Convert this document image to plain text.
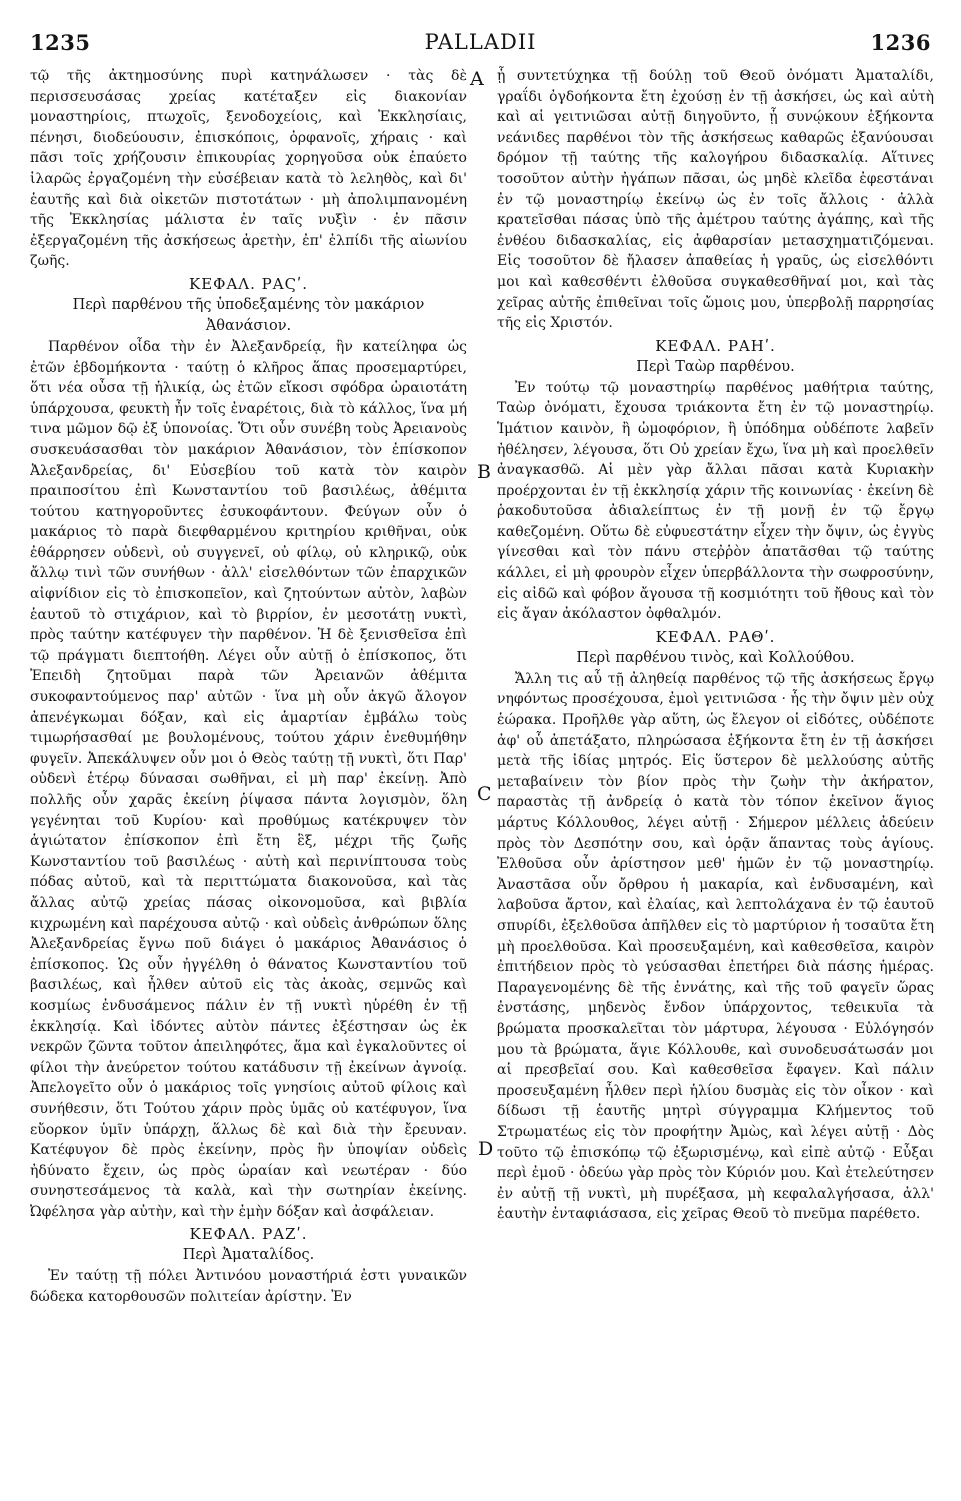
1235	PALLADII	1236
A
B
C
D

τῷ τῆς ἀκτημοσύνης πυρὶ κατηνάλωσεν · τὰς δὲ περισσευσάσας χρείας κατέταξεν εἰς διακονίαν μοναστηρίοις, πτωχοῖς, ξενοδοχείοις, καὶ Ἐκκλησίαις, πένησι, διοδεύουσιν, ἐπισκόποις, ὀρφανοῖς, χήραις · καὶ πᾶσι τοῖς χρήζουσιν ἐπικουρίας χορηγοῦσα οὐκ ἐπαύετο ἱλαρῶς ἐργαζομένη τὴν εὐσέβειαν κατὰ τὸ λεληθὸς, καὶ δι' ἑαυτῆς καὶ διὰ οἰκετῶν πιστοτάτων · μὴ ἀπολιμπανομένη τῆς Ἐκκλησίας μάλιστα ἐν ταῖς νυξὶν · ἐν πᾶσιν ἐξεργαζομένη τῆς ἀσκήσεως ἀρετὴν, ἐπ' ἐλπίδι τῆς αἰωνίου ζωῆς.

ΚΕΦΑΛ. ΡΑϚʹ.
Περὶ παρθένου τῆς ὑποδεξαμένης τὸν μακάριον Ἀθανάσιον.

Παρθένον οἶδα τὴν ἐν Ἀλεξανδρείᾳ, ἣν κατείληφα ὡς ἐτῶν ἑβδομήκοντα · ταύτῃ ὁ κλῆρος ἅπας προσεμαρτύρει, ὅτι νέα οὖσα τῇ ἡλικίᾳ, ὡς ἐτῶν εἴκοσι σφόδρα ὡραιοτάτη ὑπάρχουσα, φευκτὴ ἦν τοῖς ἐναρέτοις, διὰ τὸ κάλλος, ἵνα μή τινα μῶμον δῷ ἐξ ὑπονοίας. Ὅτι οὖν συνέβη τοὺς Ἀρειανοὺς συσκευάσασθαι τὸν μακάριον Ἀθανάσιον, τὸν ἐπίσκοπον Ἀλεξανδρείας, δι' Εὐσεβίου τοῦ κατὰ τὸν καιρὸν πραιποσίτου ἐπὶ Κωνσταντίου τοῦ βασιλέως, ἀθέμιτα τούτου κατηγοροῦντες ἐσυκοφάντουν. Φεύγων οὖν ὁ μακάριος τὸ παρὰ διεφθαρμένου κριτηρίου κριθῆναι, οὐκ ἐθάρρησεν οὐδενὶ, οὐ συγγενεῖ, οὐ φίλῳ, οὐ κληρικῷ, οὐκ ἄλλῳ τινὶ τῶν συνήθων · ἀλλ' εἰσελθόντων τῶν ἐπαρχικῶν αἰφνίδιον εἰς τὸ ἐπισκοπεῖον, καὶ ζητούντων αὐτὸν, λαβὼν ἑαυτοῦ τὸ στιχάριον, καὶ τὸ βιρρίον, ἐν μεσοτάτῃ νυκτὶ, πρὸς ταύτην κατέφυγεν τὴν παρθένον. Ἡ δὲ ξενισθεῖσα ἐπὶ τῷ πράγματι διεπτοήθη. Λέγει οὖν αὐτῇ ὁ ἐπίσκοπος, ὅτι Ἐπειδὴ ζητοῦμαι παρὰ τῶν Ἀρειανῶν ἀθέμιτα συκοφαντούμενος παρ' αὐτῶν · ἵνα μὴ οὖν ἀκγῶ ἄλογον ἀπενέγκωμαι δόξαν, καὶ εἰς ἁμαρτίαν ἐμβάλω τοὺς τιμωρήσασθαί με βουλομένους, τούτου χάριν ἐνεθυμήθην φυγεῖν. Ἀπεκάλυψεν οὖν μοι ὁ Θεὸς ταύτῃ τῇ νυκτὶ, ὅτι Παρ' οὐδενὶ ἑτέρῳ δύνασαι σωθῆναι, εἰ μὴ παρ' ἐκείνῃ. Ἀπὸ πολλῆς οὖν χαρᾶς ἐκείνη ῥίψασα πάντα λογισμὸν, ὅλη γεγένηται τοῦ Κυρίου· καὶ προθύμως κατέκρυψεν τὸν ἁγιώτατον ἐπίσκοπον ἐπὶ ἔτη ἓξ, μέχρι τῆς ζωῆς Κωνσταντίου τοῦ βασιλέως · αὐτὴ καὶ περινίπτουσα τοὺς πόδας αὐτοῦ, καὶ τὰ περιττώματα διακονοῦσα, καὶ τὰς ἄλλας αὐτῷ χρείας πάσας οἰκονομοῦσα, καὶ βιβλία κιχρωμένη καὶ παρέχουσα αὐτῷ · καὶ οὐδεὶς ἀνθρώπων ὅλης Ἀλεξανδρείας ἔγνω ποῦ διάγει ὁ μακάριος Ἀθανάσιος ὁ ἐπίσκοπος. Ὡς οὖν ἠγγέλθη ὁ θάνατος Κωνσταντίου τοῦ βασιλέως, καὶ ἦλθεν αὐτοῦ εἰς τὰς ἀκοὰς, σεμνῶς καὶ κοσμίως ἐνδυσάμενος πάλιν ἐν τῇ νυκτὶ ηὑρέθη ἐν τῇ ἐκκλησίᾳ. Καὶ ἰδόντες αὐτὸν πάντες ἐξέστησαν ὡς ἐκ νεκρῶν ζῶντα τοῦτον ἀπειληφότες, ἅμα καὶ ἐγκαλοῦντες οἱ φίλοι τὴν ἀνεύρετον τούτου κατάδυσιν τῇ ἐκείνων ἀγνοίᾳ. Ἀπελογεῖτο οὖν ὁ μακάριος τοῖς γνησίοις αὐτοῦ φίλοις καὶ συνήθεσιν, ὅτι Τούτου χάριν πρὸς ὑμᾶς οὐ κατέφυγον, ἵνα εὔορκον ὑμῖν ὑπάρχῃ, ἅλλως δὲ καὶ διὰ τὴν ἔρευναν. Κατέφυγον δὲ πρὸς ἐκείνην, πρὸς ἣν ὑποψίαν οὐδεὶς ἠδύνατο ἔχειν, ὡς πρὸς ὡραίαν καὶ νεωτέραν · δύο συνηστεσάμενος τὰ καλὰ, καὶ τὴν σωτηρίαν ἐκείνης. Ὠφέλησα γὰρ αὐτὴν, καὶ τὴν ἐμὴν δόξαν καὶ ἀσφάλειαν.

ΚΕΦΑΛ. ΡΑΖʹ.
Περὶ Ἀματαλίδος.

Ἐν ταύτῃ τῇ πόλει Ἀντινόου μοναστήριά ἐστι γυναικῶν δώδεκα κατορθουσῶν πολιτείαν ἀρίστην. Ἐν

ᾗ συντετύχηκα τῇ δούλῃ τοῦ Θεοῦ ὀνόματι Ἀματαλίδι, γραΐδι ὀγδοήκοντα ἔτη ἐχούσῃ ἐν τῇ ἀσκήσει, ὡς καὶ αὐτὴ καὶ αἱ γειτνιῶσαι αὐτῇ διηγοῦντο, ᾗ συνῴκουν ἑξήκοντα νεάνιδες παρθένοι τὸν τῆς ἀσκήσεως καθαρῶς ἐξανύουσαι δρόμον τῇ ταύτης τῆς καλογήρου διδασκαλίᾳ. Αἵτινες τοσοῦτον αὐτὴν ἠγάπων πᾶσαι, ὡς μηδὲ κλεῖδα ἐφεστάναι ἐν τῷ μοναστηρίῳ ἐκείνῳ ὡς ἐν τοῖς ἄλλοις · ἀλλὰ κρατεῖσθαι πάσας ὑπὸ τῆς ἀμέτρου ταύτης ἀγάπης, καὶ τῆς ἐνθέου διδασκαλίας, εἰς ἀφθαρσίαν μετασχηματιζόμεναι. Εἰς τοσοῦτον δὲ ἤλασεν ἀπαθείας ἡ γραῦς, ὡς εἰσελθόντι μοι καὶ καθεσθέντι ἐλθοῦσα συγκαθεσθῆναί μοι, καὶ τὰς χεῖρας αὐτῆς ἐπιθεῖναι τοῖς ὤμοις μου, ὑπερβολῇ παρρησίας τῆς εἰς Χριστόν.

ΚΕΦΑΛ. ΡΑΗʹ.
Περὶ Ταὼρ παρθένου.

Ἐν τούτῳ τῷ μοναστηρίῳ παρθένος μαθήτρια ταύτης, Ταὼρ ὀνόματι, ἔχουσα τριάκοντα ἔτη ἐν τῷ μοναστηρίῳ. Ἱμάτιον καινὸν, ἢ ὠμοφόριον, ἢ ὑπόδημα οὐδέποτε λαβεῖν ἠθέλησεν, λέγουσα, ὅτι Οὐ χρείαν ἔχω, ἵνα μὴ καὶ προελθεῖν ἀναγκασθῶ. Αἱ μὲν γὰρ ἄλλαι πᾶσαι κατὰ Κυριακὴν προέρχονται ἐν τῇ ἐκκλησίᾳ χάριν τῆς κοινωνίας · ἐκείνη δὲ ῥακοδυτοῦσα ἀδιαλείπτως ἐν τῇ μονῇ ἐν τῷ ἔργῳ καθεζομένη. Οὕτω δὲ εὐφυεστάτην εἶχεν τὴν ὄψιν, ὡς ἐγγὺς γίνεσθαι καὶ τὸν πάνυ στεῤῥὸν ἀπατᾶσθαι τῷ ταύτης κάλλει, εἰ μὴ φρουρὸν εἶχεν ὑπερβάλλοντα τὴν σωφροσύνην, εἰς αἰδῶ καὶ φόβον ἄγουσα τῇ κοσμιότητι τοῦ ἤθους καὶ τὸν εἰς ἄγαν ἀκόλαστον ὀφθαλμόν.

ΚΕΦΑΛ. ΡΑΘʹ.
Περὶ παρθένου τινὸς, καὶ Κολλούθου.

Ἄλλη τις αὖ τῇ ἀληθείᾳ παρθένος τῷ τῆς ἀσκήσεως ἔργῳ νηφόντως προσέχουσα, ἐμοὶ γειτνιῶσα · ἧς τὴν ὄψιν μὲν οὐχ ἑώρακα. Προῆλθε γὰρ αὕτη, ὡς ἔλεγον οἱ εἰδότες, οὐδέποτε ἀφ' οὗ ἀπετάξατο, πληρώσασα ἑξήκοντα ἔτη ἐν τῇ ἀσκήσει μετὰ τῆς ἰδίας μητρός. Εἰς ὕστερον δὲ μελλούσης αὐτῆς μεταβαίνειν τὸν βίον πρὸς τὴν ζωὴν τὴν ἀκήρατον, παραστὰς τῇ ἀνδρείᾳ ὁ κατὰ τὸν τόπον ἐκεῖνον ἅγιος μάρτυς Κόλλουθος, λέγει αὐτῇ · Σήμερον μέλλεις ἀδεύειν πρὸς τὸν Δεσπότην σου, καὶ ὁρᾷν ἅπαντας τοὺς ἁγίους. Ἐλθοῦσα οὖν ἀρίστησον μεθ' ἡμῶν ἐν τῷ μοναστηρίῳ. Ἀναστᾶσα οὖν ὄρθρου ἡ μακαρία, καὶ ἐνδυσαμένη, καὶ λαβοῦσα ἄρτον, καὶ ἐλαίας, καὶ λεπτολάχανα ἐν τῷ ἑαυτοῦ σπυρίδι, ἐξελθοῦσα ἀπῆλθεν εἰς τὸ μαρτύριον ἡ τοσαῦτα ἔτη μὴ προελθοῦσα. Καὶ προσευξαμένη, καὶ καθεσθεῖσα, καιρὸν ἐπιτήδειον πρὸς τὸ γεύσασθαι ἐπετήρει διὰ πάσης ἡμέρας. Παραγενομένης δὲ τῆς ἐννάτης, καὶ τῆς τοῦ φαγεῖν ὥρας ἐνστάσης, μηδενὸς ἔνδον ὑπάρχοντος, τεθεικυῖα τὰ βρώματα προσκαλεῖται τὸν μάρτυρα, λέγουσα · Εὐλόγησόν μου τὰ βρώματα, ἅγιε Κόλλουθε, καὶ συνοδευσάτωσάν μοι αἱ πρεσβεῖαί σου. Καὶ καθεσθεῖσα ἔφαγεν. Καὶ πάλιν προσευξαμένη ἦλθεν περὶ ἡλίου δυσμὰς εἰς τὸν οἶκον · καὶ δίδωσι τῇ ἑαυτῆς μητρὶ σύγγραμμα Κλήμεντος τοῦ Στρωματέως εἰς τὸν προφήτην Ἀμὼς, καὶ λέγει αὐτῇ · Δὸς τοῦτο τῷ ἐπισκόπῳ τῷ ἐξωρισμένῳ, καὶ εἰπὲ αὐτῷ · Εὖξαι περὶ ἐμοῦ · ὁδεύω γὰρ πρὸς τὸν Κύριόν μου. Καὶ ἐτελεύτησεν ἐν αὐτῇ τῇ νυκτὶ, μὴ πυρέξασα, μὴ κεφαλαλγήσασα, ἀλλ' ἑαυτὴν ἐνταφιάσασα, εἰς χεῖρας Θεοῦ τὸ πνεῦμα παρέθετο.
